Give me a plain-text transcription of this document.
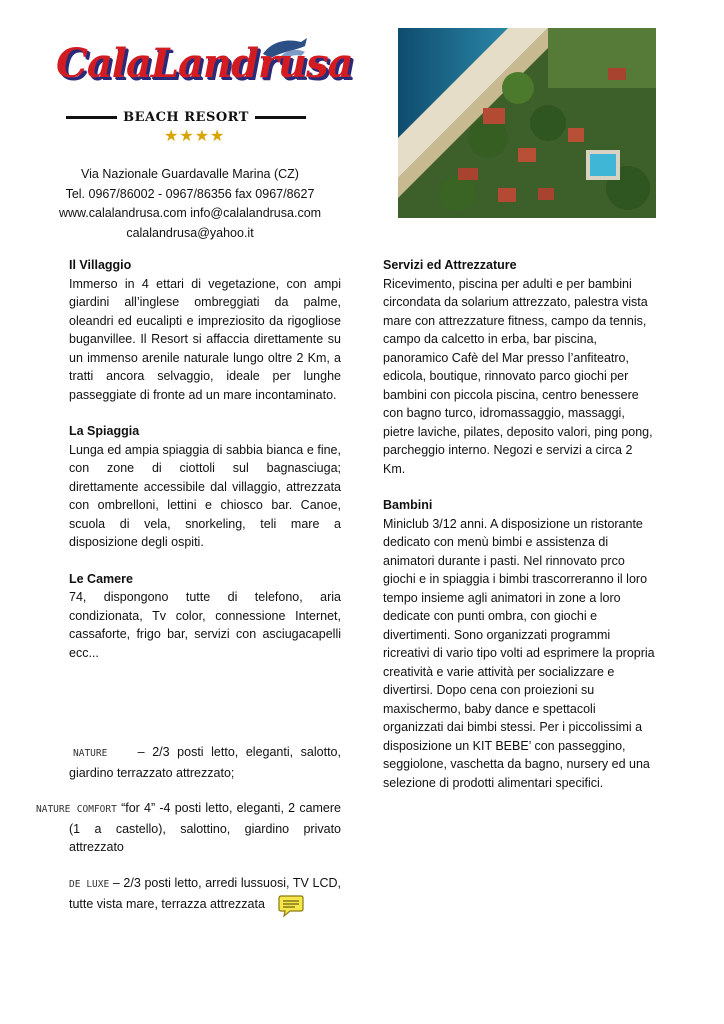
CalaLandrusa
BEACH RESORT
★★★★
Via Nazionale Guardavalle Marina (CZ)
Tel. 0967/86002 - 0967/86356 fax 0967/8627
www.calalandrusa.com info@calalandrusa.com
calalandrusa@yahoo.it
Il Villaggio
Immerso in 4 ettari di vegetazione, con ampi giardini all’inglese ombreggiati da palme, oleandri ed eucalipti e impreziosito da rigogliose buganvillee. Il Resort si affaccia direttamente su un immenso arenile naturale lungo oltre 2 Km, a tratti ancora selvaggio, ideale per lunghe passeggiate di fronte ad un mare incontaminato.
La Spiaggia
Lunga ed ampia spiaggia di sabbia bianca e fine, con zone di ciottoli sul bagnasciuga; direttamente accessibile dal villaggio, attrezzata con ombrelloni, lettini e chiosco bar. Canoe, scuola di vela, snorkeling, teli mare a disposizione degli ospiti.
Le Camere
74, dispongono tutte di telefono, aria condizionata, Tv color, connessione Internet, cassaforte, frigo bar, servizi con asciugacapelli ecc...
NATURE – 2/3 posti letto, eleganti, salotto, giardino terrazzato attrezzato;
NATURE COMFORT “for 4” -4 posti letto, eleganti, 2 camere (1 a castello), salottino, giardino privato attrezzato
DE LUXE – 2/3 posti letto, arredi lussuosi, TV LCD, tutte vista mare, terrazza attrezzata
Servizi ed Attrezzature
Ricevimento, piscina per adulti e per bambini circondata da solarium attrezzato, palestra vista mare con attrezzature fitness, campo da tennis, campo da calcetto in erba, bar piscina, panoramico Cafè del Mar presso l’anfiteatro, edicola, boutique, rinnovato parco giochi per bambini con piccola piscina, centro benessere con bagno turco, idromassaggio, massaggi, pietre laviche, pilates, deposito valori, ping pong, parcheggio interno. Negozi e servizi a circa 2 Km.
Bambini
Miniclub 3/12 anni. A disposizione un ristorante dedicato con menù bimbi e assistenza di animatori durante i pasti. Nel rinnovato prco giochi e in spiaggia i bimbi trascorreranno il loro tempo insieme agli animatori in zone a loro dedicate con punti ombra, con giochi e divertimenti. Sono organizzati programmi ricreativi di vario tipo volti ad esprimere la propria creatività e varie attività per socializzare e divertirsi. Dopo cena con proiezioni su maxischermo, baby dance e spettacoli organizzati dai bimbi stessi. Per i piccolissimi a disposizione un KIT BEBE’ con passeggino, seggiolone, vaschetta da bagno, nursery ed una selezione di prodotti alimentari specifici.
